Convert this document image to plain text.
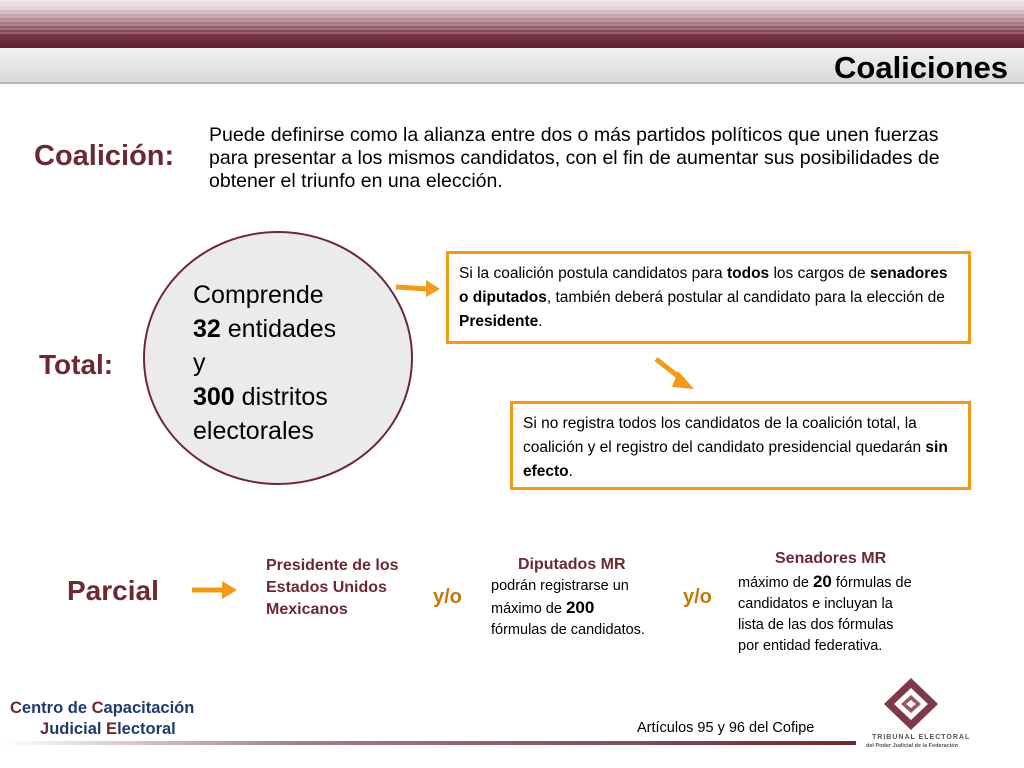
Coaliciones
Coalición:
Puede definirse como la alianza entre dos o más partidos políticos que unen fuerzas para presentar a los mismos candidatos, con el fin de aumentar sus posibilidades de obtener el triunfo en una elección.
Total:
Comprende
32 entidades
y
300 distritos
electorales
Si la coalición postula candidatos para todos los cargos de senadores o diputados, también deberá postular al candidato para la elección de Presidente.
Si no registra todos los candidatos de la coalición total, la coalición y el registro del candidato presidencial quedarán sin efecto.
Parcial
Presidente de los
Estados Unidos
Mexicanos
y/o
Diputados MR
podrán registrarse un
máximo de 200
fórmulas de candidatos.
y/o
Senadores MR
máximo de 20 fórmulas de
candidatos e incluyan la
lista de las dos fórmulas
por entidad federativa.
Centro de Capacitación
Judicial Electoral	Artículos 95 y 96 del Cofipe
TRIBUNAL ELECTORAL
del Poder Judicial de la Federación
